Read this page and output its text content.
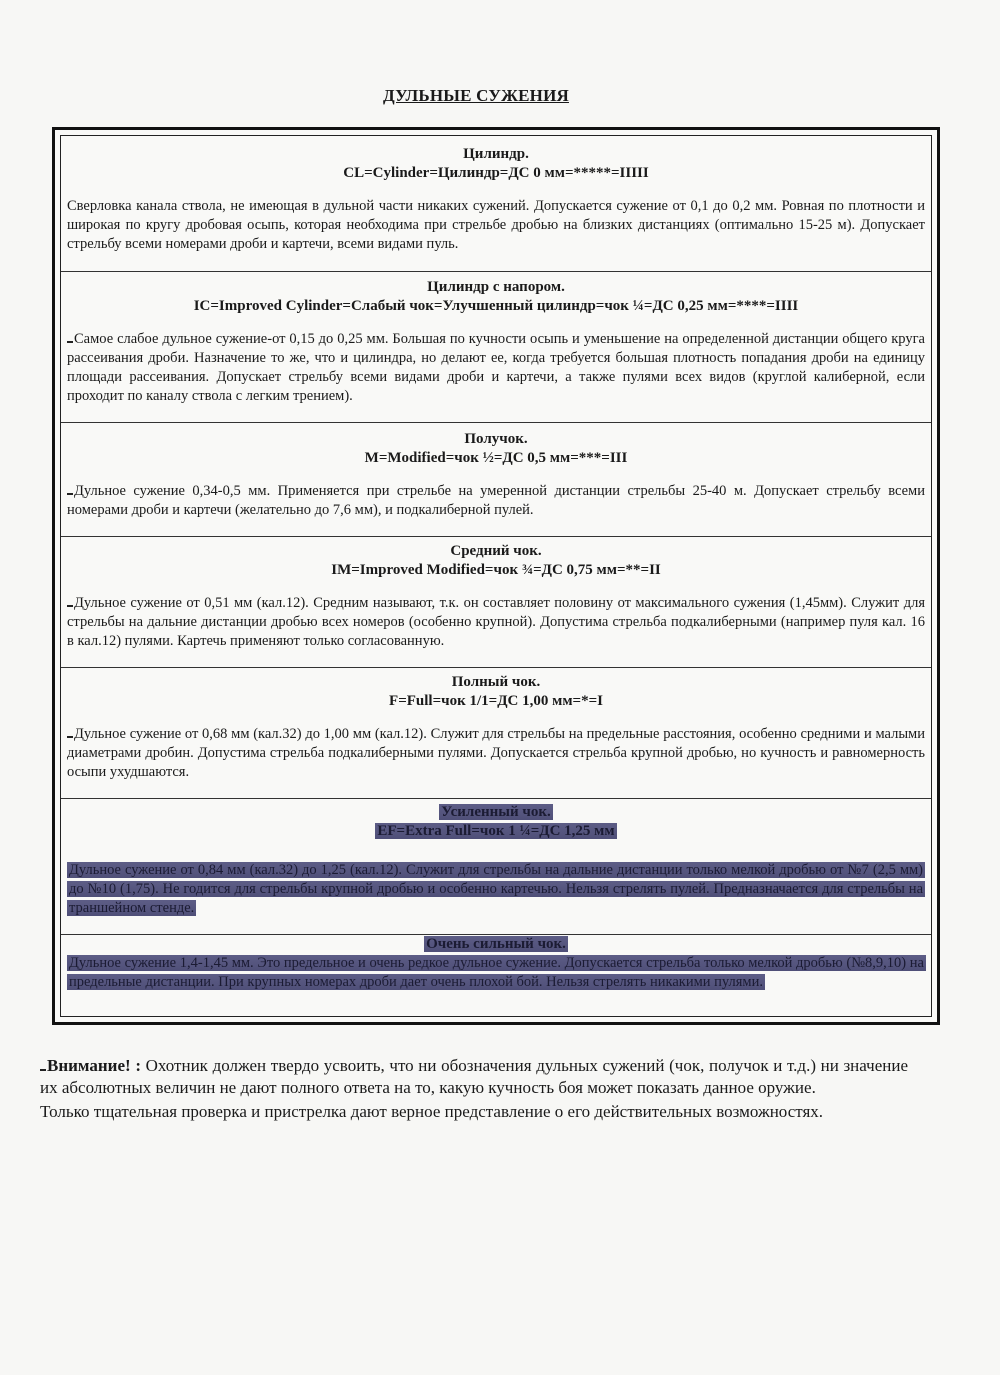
ДУЛЬНЫЕ СУЖЕНИЯ
Цилиндр.
CL=Cylinder=Цилиндр=ДС 0 мм=*****=IIIII
Сверловка канала ствола, не имеющая в дульной части никаких сужений. Допускается сужение от 0,1 до 0,2 мм. Ровная по плотности и широкая по кругу дробовая осыпь, которая необходима при стрельбе дробью на близких дистанциях (оптимально 15-25 м). Допускает стрельбу всеми номерами дроби и картечи, всеми видами пуль.
Цилиндр с напором.
IC=Improved Cylinder=Слабый чок=Улучшенный цилиндр=чок ¼=ДС 0,25 мм=****=IIII
Самое слабое дульное сужение-от 0,15 до 0,25 мм. Большая по кучности осыпь и уменьшение на определенной дистанции общего круга рассеивания дроби. Назначение то же, что и цилиндра, но делают ее, когда требуется большая плотность попадания дроби на единицу площади рассеивания. Допускает стрельбу всеми видами дроби и картечи, а также пулями всех видов (круглой калиберной, если проходит по каналу ствола с легким трением).
Получок.
M=Modified=чок ½=ДС 0,5 мм=***=III
Дульное сужение 0,34-0,5 мм. Применяется при стрельбе на умеренной дистанции стрельбы 25-40 м. Допускает стрельбу всеми номерами дроби и картечи (желательно до 7,6 мм), и подкалиберной пулей.
Средний чок.
IM=Improved Modified=чок ¾=ДС 0,75 мм=**=II
Дульное сужение от 0,51 мм (кал.12). Средним называют, т.к. он составляет половину от максимального сужения (1,45мм). Служит для стрельбы на дальние дистанции дробью всех номеров (особенно крупной). Допустима стрельба подкалиберными (например пуля кал. 16 в кал.12) пулями. Картечь применяют только согласованную.
Полный чок.
F=Full=чок 1/1=ДС 1,00 мм=*=I
Дульное сужение от 0,68 мм (кал.32) до 1,00 мм (кал.12). Служит для стрельбы на предельные расстояния, особенно средними и малыми диаметрами дробин. Допустима стрельба подкалиберными пулями. Допускается стрельба крупной дробью, но кучность и равномерность осыпи ухудшаются.
Усиленный чок.
EF=Extra Full=чок 1 ¼=ДС 1,25 мм
Дульное сужение от 0,84 мм (кал.32) до 1,25 (кал.12). Служит для стрельбы на дальние дистанции только мелкой дробью от №7 (2,5 мм) до №10 (1,75). Не годится для стрельбы крупной дробью и особенно картечью. Нельзя стрелять пулей. Предназначается для стрельбы на траншейном стенде.
Очень сильный чок.
Дульное сужение 1,4-1,45 мм. Это предельное и очень редкое дульное сужение. Допускается стрельба только мелкой дробью (№8,9,10) на предельные дистанции. При крупных номерах дроби дает очень плохой бой. Нельзя стрелять никакими пулями.

Внимание! : Охотник должен твердо усвоить, что ни обозначения дульных сужений (чок, получок и т.д.) ни значение их абсолютных величин не дают полного ответа на то, какую кучность боя может показать данное оружие.

Только тщательная проверка и пристрелка дают верное представление о его действительных возможностях.
